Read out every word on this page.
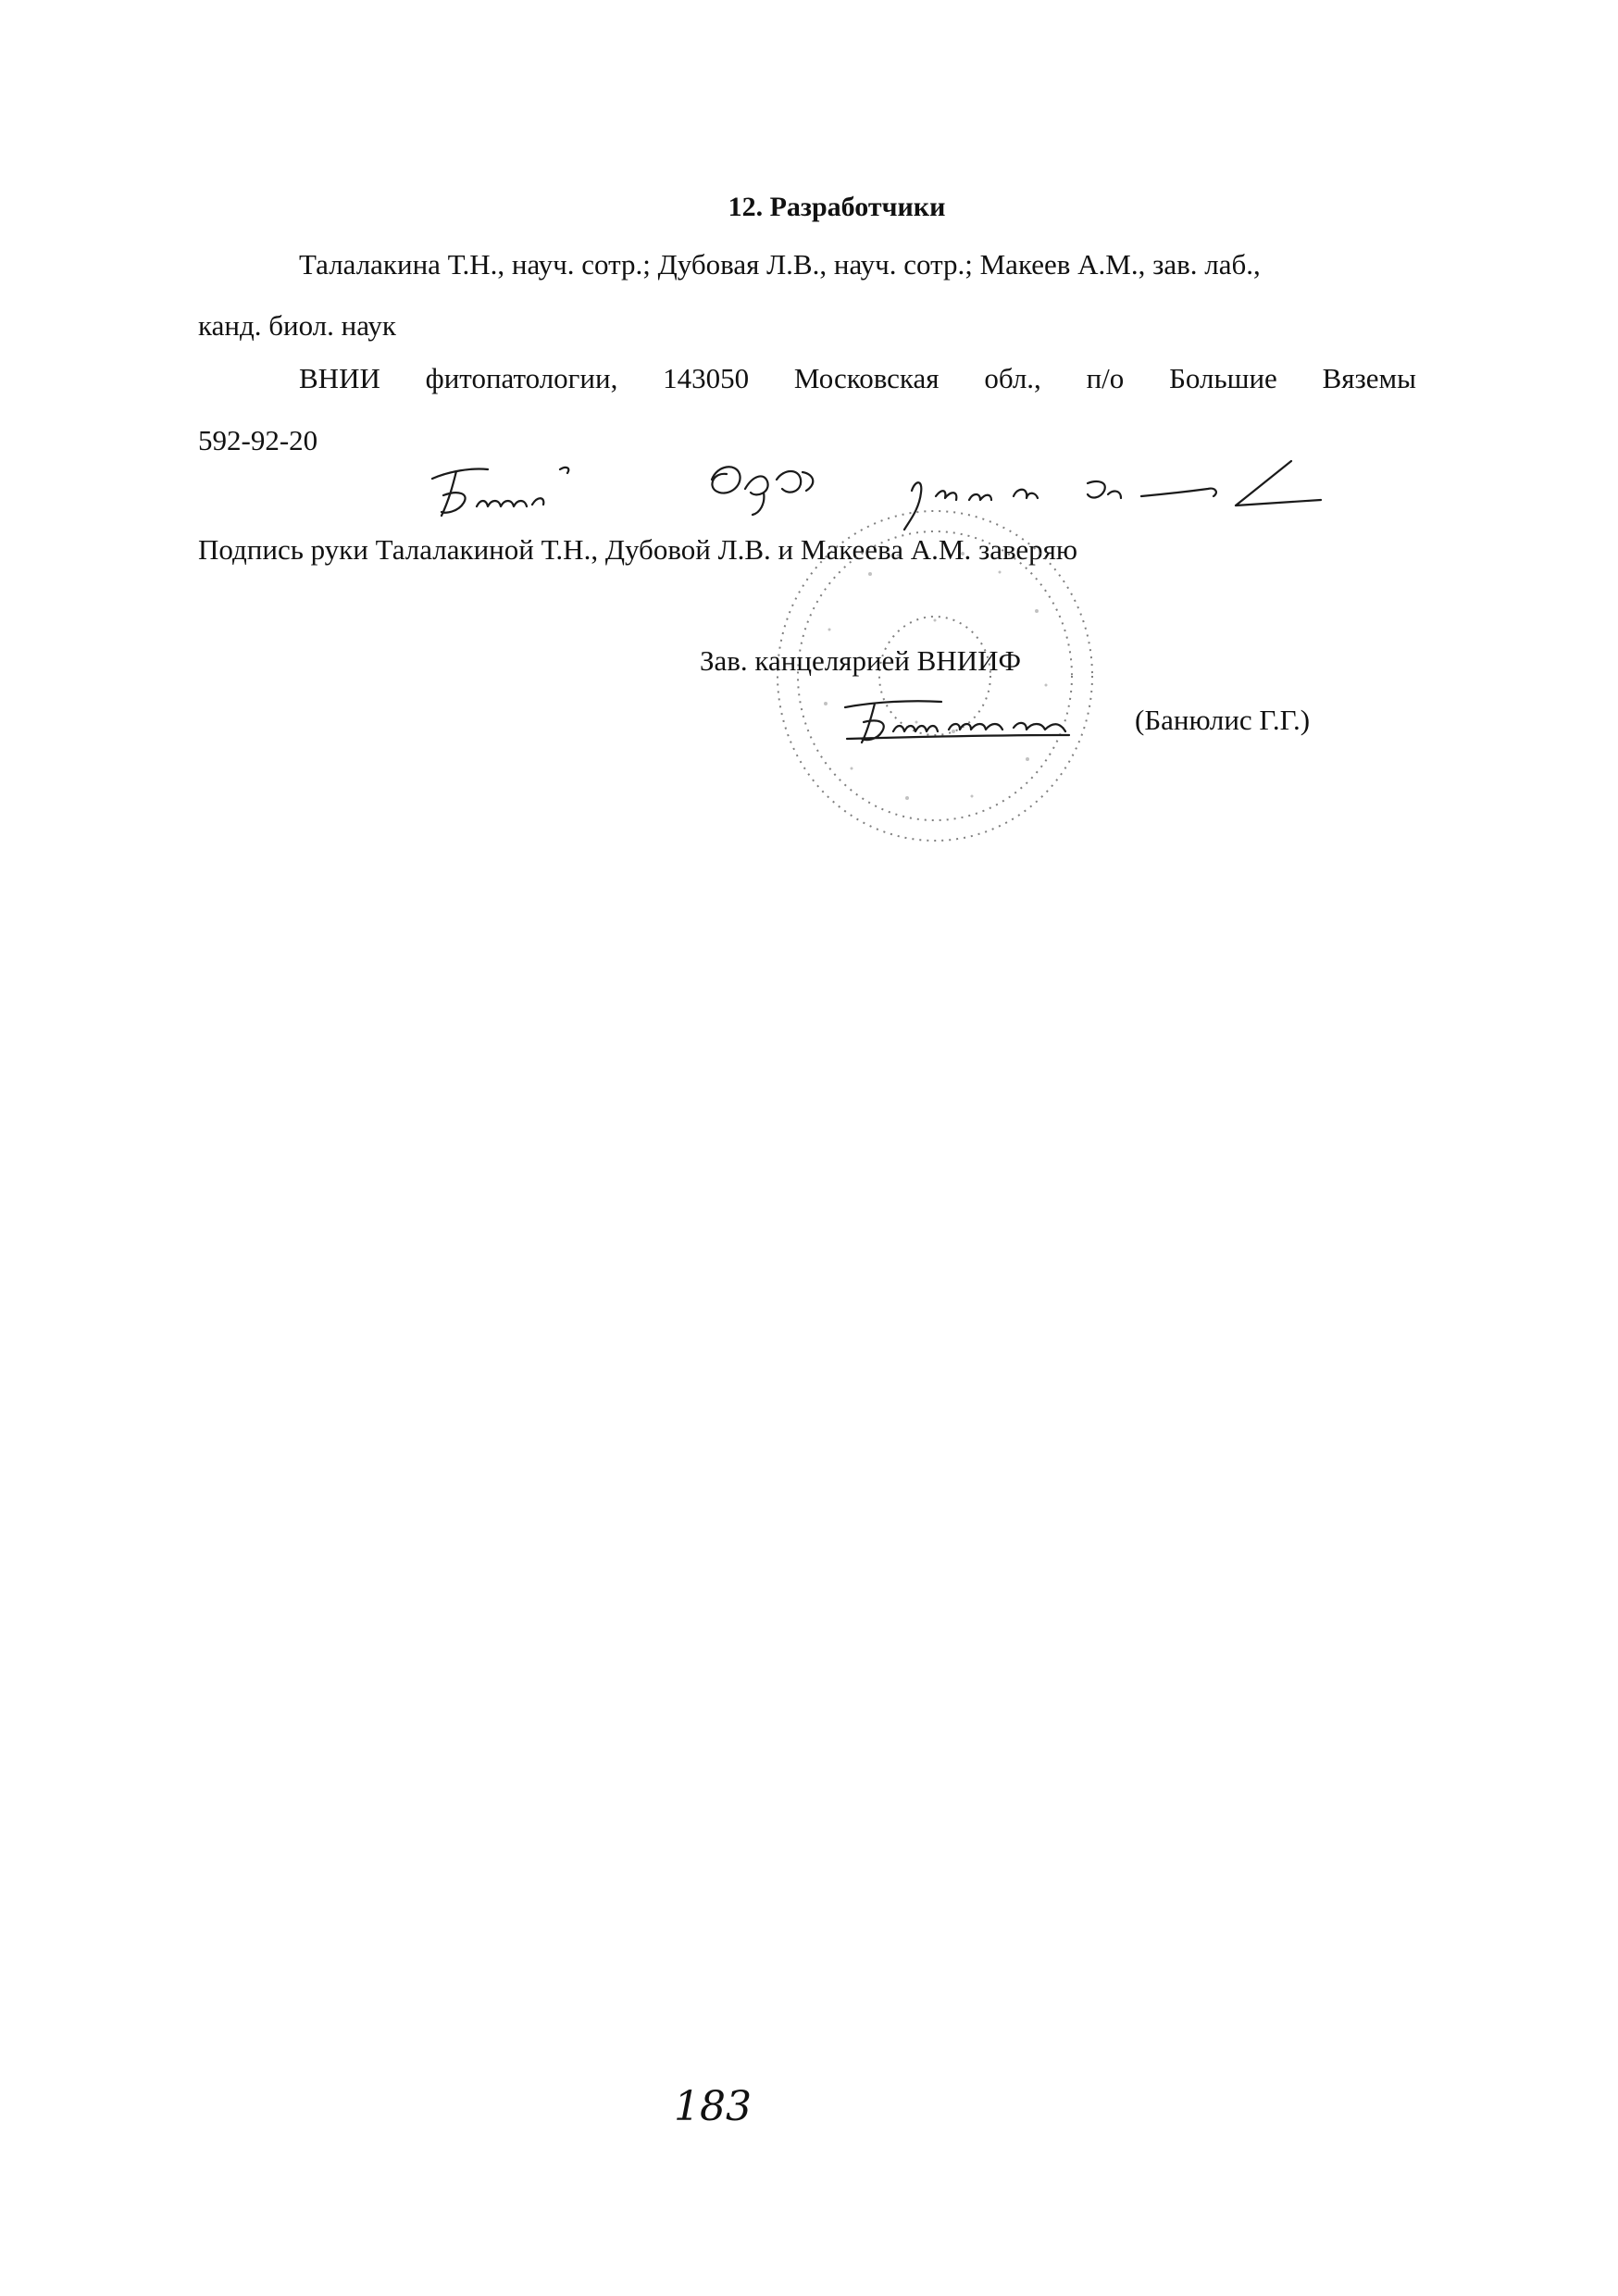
12. Разработчики
Талалакина Т.Н., науч. сотр.; Дубовая Л.В., науч. сотр.; Макеев А.М., зав. лаб.,
канд. биол. наук
ВНИИ фитопатологии, 143050 Московская обл., п/о Большие Вяземы
592-92-20
Подпись руки Талалакиной Т.Н., Дубовой Л.В. и Макеева А.М. заверяю
Зав. канцелярией ВНИИФ
(Банюлис Г.Г.)
183
